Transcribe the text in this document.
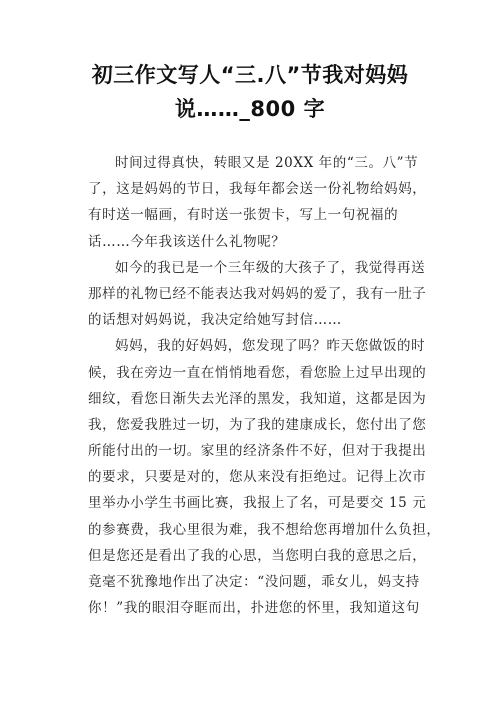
初三作文写人“三.八”节我对妈妈
说……_800 字
时间过得真快，转眼又是 20XX 年的“三。八”节
了，这是妈妈的节日，我每年都会送一份礼物给妈妈，
有时送一幅画，有时送一张贺卡，写上一句祝福的
话……今年我该送什么礼物呢？
如今的我已是一个三年级的大孩子了，我觉得再送
那样的礼物已经不能表达我对妈妈的爱了，我有一肚子
的话想对妈妈说，我决定给她写封信……
妈妈，我的好妈妈，您发现了吗？昨天您做饭的时
候，我在旁边一直在悄悄地看您，看您脸上过早出现的
细纹，看您日渐失去光泽的黑发，我知道，这都是因为
我，您爱我胜过一切，为了我的建康成长，您付出了您
所能付出的一切。家里的经济条件不好，但对于我提出
的要求，只要是对的，您从来没有拒绝过。记得上次市
里举办小学生书画比赛，我报上了名，可是要交 15 元
的参赛费，我心里很为难，我不想给您再增加什么负担，
但是您还是看出了我的心思，当您明白我的意思之后，
竟毫不犹豫地作出了决定：“没问题，乖女儿，妈支持
你！”我的眼泪夺眶而出，扑进您的怀里，我知道这句
